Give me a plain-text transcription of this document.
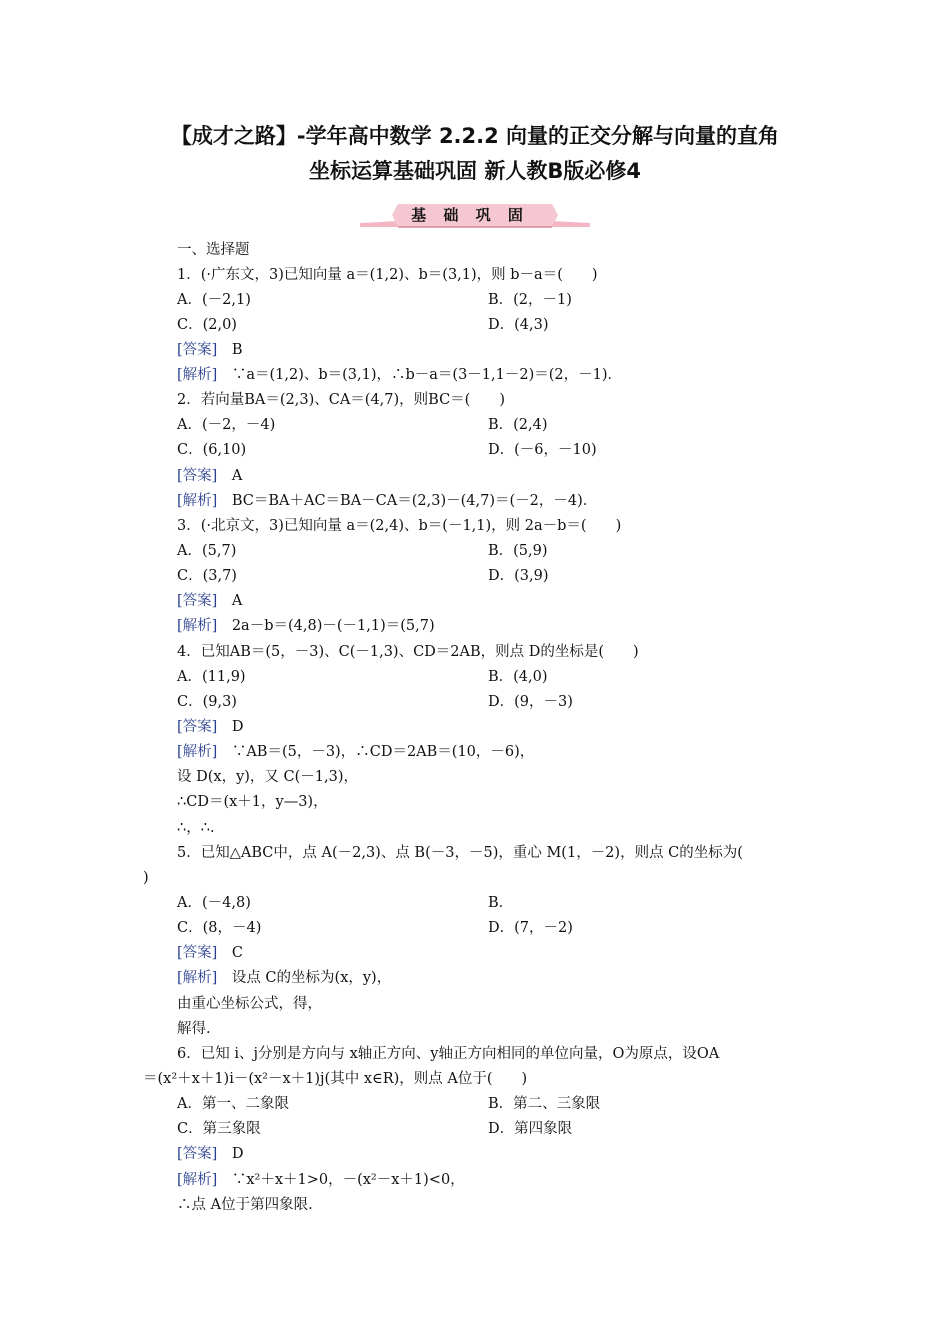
【成才之路】-学年高中数学 2.2.2 向量的正交分解与向量的直角
坐标运算基础巩固 新人教B版必修4
基 础 巩 固
一、选择题
1．(·广东文，3)已知向量 a＝(1,2)、b＝(3,1)，则 b－a＝(　　)
A．(－2,1)	B．(2，－1)
C．(2,0)	D．(4,3)
[答案]　 B
[解析]　 ∵a＝(1,2)、b＝(3,1)，∴b－a＝(3－1,1－2)＝(2，－1)．
2．若向量BA＝(2,3)、CA＝(4,7)，则BC＝(　　)
A．(－2，－4)	B．(2,4)
C．(6,10)	D．(－6，－10)
[答案]　 A
[解析]　 BC＝BA＋AC＝BA－CA＝(2,3)－(4,7)＝(－2，－4)．
3．(·北京文，3)已知向量 a＝(2,4)、b＝(－1,1)，则 2a－b＝(　　)
A．(5,7)	B．(5,9)
C．(3,7)	D．(3,9)
[答案]　 A
[解析]　 2a－b＝(4,8)－(－1,1)＝(5,7)
4．已知AB＝(5，－3)、C(－1,3)、CD＝2AB，则点 D的坐标是(　　)
A．(11,9)	B．(4,0)
C．(9,3)	D．(9，－3)
[答案]　 D
[解析]　 ∵AB＝(5，－3)，∴CD＝2AB＝(10，－6)，
设 D(x，y)，又 C(－1,3)，
∴CD＝(x＋1，y—3)，
∴，∴.
5．已知△ABC中，点 A(－2,3)、点 B(－3，－5)，重心 M(1，－2)，则点 C的坐标为(
)
A．(－4,8)	B．
C．(8，－4)	D．(7，－2)
[答案]　 C
[解析]　 设点 C的坐标为(x，y)，
由重心坐标公式，得，
解得.
6．已知 i、j分别是方向与 x轴正方向、y轴正方向相同的单位向量，O为原点，设OA
＝(x²＋x＋1)i－(x²－x＋1)j(其中 x∈R)，则点 A位于(　　)
A．第一、二象限	B．第二、三象限
C．第三象限	D．第四象限
[答案]　 D
[解析]　 ∵x²＋x＋1>0，－(x²－x＋1)<0，
∴点 A位于第四象限.
